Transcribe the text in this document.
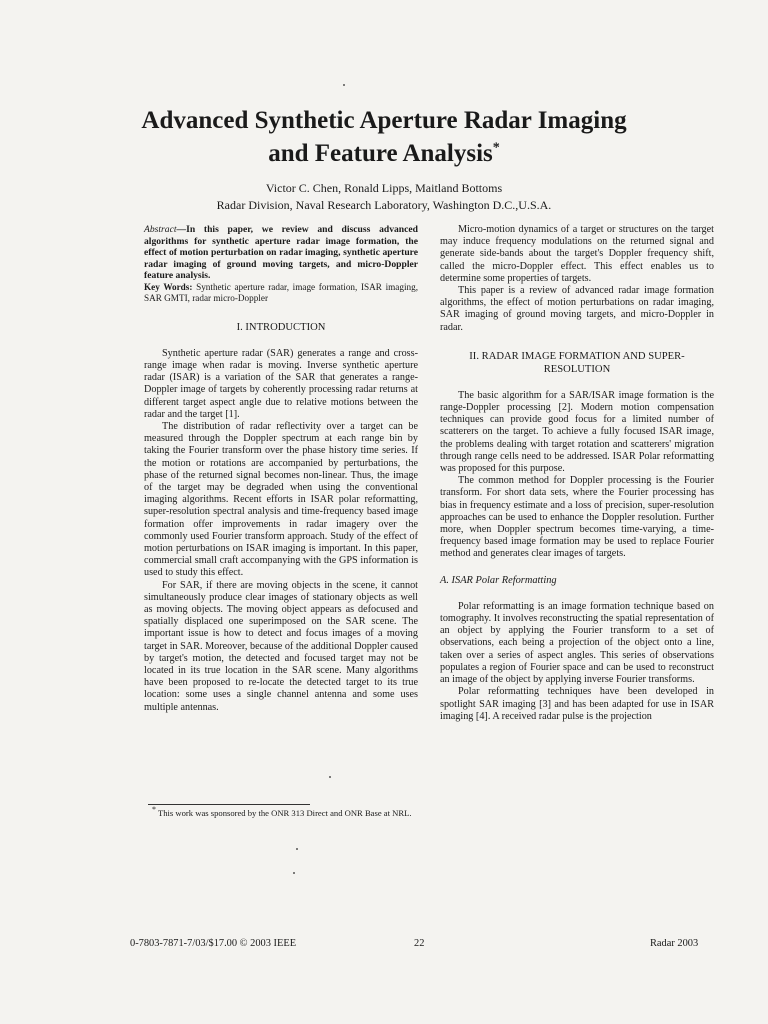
Advanced Synthetic Aperture Radar Imaging
and Feature Analysis*
Victor C. Chen, Ronald Lipps, Maitland Bottoms
Radar Division, Naval Research Laboratory, Washington D.C.,U.S.A.

Abstract—In this paper, we review and discuss advanced algorithms for synthetic aperture radar image formation, the effect of motion perturbation on radar imaging, synthetic aperture radar imaging of ground moving targets, and micro-Doppler feature analysis.

Key Words: Synthetic aperture radar, image formation, ISAR imaging, SAR GMTI, radar micro-Doppler

I. INTRODUCTION

Synthetic aperture radar (SAR) generates a range and cross-range image when radar is moving. Inverse synthetic aperture radar (ISAR) is a variation of the SAR that generates a range-Doppler image of targets by coherently processing radar returns at different target aspect angle due to relative motions between the radar and the target [1].

The distribution of radar reflectivity over a target can be measured through the Doppler spectrum at each range bin by taking the Fourier transform over the phase history time series. If the motion or rotations are accompanied by perturbations, the phase of the returned signal becomes non-linear. Thus, the image of the target may be degraded when using the conventional imaging algorithms. Recent efforts in ISAR polar reformatting, super-resolution spectral analysis and time-frequency based image formation offer improvements in radar imagery over the commonly used Fourier transform approach. Study of the effect of motion perturbations on ISAR imaging is important. In this paper, commercial small craft accompanying with the GPS information is used to study this effect.

For SAR, if there are moving objects in the scene, it cannot simultaneously produce clear images of stationary objects as well as moving objects. The moving object appears as defocused and spatially displaced one superimposed on the SAR scene. The important issue is how to detect and focus images of a moving target in SAR. Moreover, because of the additional Doppler caused by target's motion, the detected and focused target may not be located in its true location in the SAR scene. Many algorithms have been proposed to re-locate the detected target to its true location: some uses a single channel antenna and some uses multiple antennas.

Micro-motion dynamics of a target or structures on the target may induce frequency modulations on the returned signal and generate side-bands about the target's Doppler frequency shift, called the micro-Doppler effect. This effect enables us to determine some properties of targets.

This paper is a review of advanced radar image formation algorithms, the effect of motion perturbations on radar imaging, SAR imaging of ground moving targets, and micro-Doppler in radar.

II. RADAR IMAGE FORMATION AND SUPER-RESOLUTION

The basic algorithm for a SAR/ISAR image formation is the range-Doppler processing [2]. Modern motion compensation techniques can provide good focus for a limited number of scatterers on the target. To achieve a fully focused ISAR image, the problems dealing with target rotation and scatterers' migration through range cells need to be addressed. ISAR Polar reformatting was proposed for this purpose.

The common method for Doppler processing is the Fourier transform. For short data sets, where the Fourier processing has bias in frequency estimate and a loss of precision, super-resolution approaches can be used to enhance the Doppler resolution. Further more, when Doppler spectrum becomes time-varying, a time-frequency based image formation may be used to replace Fourier method and generates clear images of targets.

A. ISAR Polar Reformatting

Polar reformatting is an image formation technique based on tomography. It involves reconstructing the spatial representation of an object by applying the Fourier transform to a set of observations, each being a projection of the object onto a line, taken over a series of aspect angles. This series of observations populates a region of Fourier space and can be used to reconstruct an image of the object by applying inverse Fourier transforms.

Polar reformatting techniques have been developed in spotlight SAR imaging [3] and has been adapted for use in ISAR imaging [4]. A received radar pulse is the projection

* This work was sponsored by the ONR 313 Direct and ONR Base at NRL.
0-7803-7871-7/03/$17.00 © 2003 IEEE	22	Radar 2003
